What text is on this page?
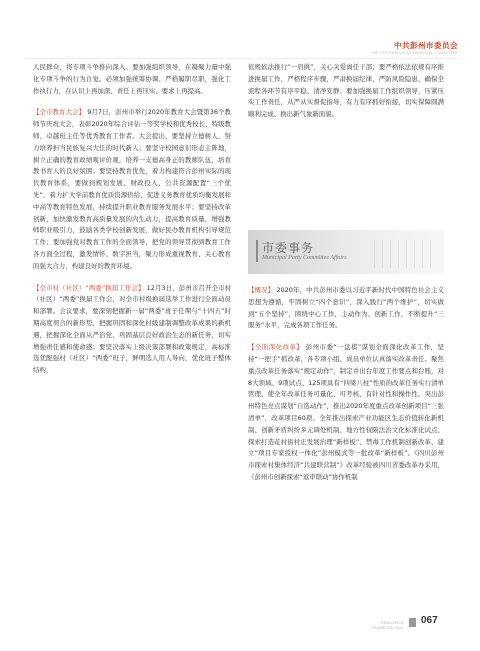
中共彭州市委员会
THE CPC PENGZHOU MUNICIPAL COMMITTEE

人民群众，将专项斗争推向深入。要加强组织领导，在凝聚力量中强化专项斗争的行为自觉。必须加强统筹协调、严格履职尽职，强化工作执行力，在认识上再加深、责任上再压实、要求上再提高。

【全市教育大会】 9月7日，彭州市举行2020年教育大会暨第36个教师节庆祝大会，表彰2020年综合评估一等奖学校和优秀校长、特级教师、卓越班主任等优秀教育工作者。大会提出，要坚持立德树人，努力培养担当民族复兴大任的时代新人；要坚守校园意识形态主阵地，树立正确的教育政绩观评价观，培养一支德高身正的教师队伍，培育教书育人的良好氛围；要坚持教育优先，着力构建符合彭州实际的现代教育体系，要做到规划发展、财政投入、公共资源配置“三个优先”，着力扩大学前教育优质资源供给，促进义务教育优质均衡发展和中高等教育特色发展，持续提升职业教育服务发展水平；要坚持改革创新，加快激发教育高质量发展的内生动力，提高教育质量，增强教师职业吸引力，鼓励各类学校创新发展，做好民办教育机构引导规范工作；要加强党对教育工作的全面领导，把党的领导贯彻到教育工作各方面全过程，激发情怀、数字担当，聚力形成重视教育、关心教育的强大合力，构建良好的教育环境。

【全市村（社区）“两委”换届工作会】 12月3日，彭州市召开全市村（社区）“两委”换届工作会，对全市村级换届选举工作进行全面动员和部署。会议要求，要深刻把握新一届“两委”班子任期与“十四五”时期高度契合的新形势，把握巩固和深化村级建制调整改革成果的新机遇，把握深化全面从严治党、巩固基层良好政治生态的新任务，切实增强责任感和使命感；要坚决落实上级决策部署和政策规定，高标准选优配强村（社区）“两委”班子，鲜明选人用人导向，优化班子整体结构，

依规依法推行“一肩挑”，关心关爱离任干部；要严格依法依规有序推进换届工作，严格程序步骤，严肃换届纪律，严防风险隐患，确保全流程各环节有序平稳、清净安静；要加强换届工作组织领导，压紧压实工作责任，从严从实督促指导，有力有序抓好衔接，切实保障圆满顺利完成、换出新气象新面貌。

市委事务
Municipal Party Committee Affairs

【概况】 2020年，中共彭州市委以习近平新时代中国特色社会主义思想为遵循，牢固树立“四个意识”，深入践行“两个维护”，切实做到“五个坚持”，围绕中心工作，主动作为、创新工作，不断提升“三服务”水平，完成各项工作任务。

【全面深化改革】 彭州市委“一盘棋”谋划全面深化改革工作，坚持“一把手”抓改革，各专项小组、成员单位认真落实改革责任。聚焦重点改革任务落实“规定动作”，制定并出台年度工作要点和台账，对8大领域、9项试点、125项具有“四梁八柱”性质的改革任务实行清单管理，使全年改革任务可量化、可考核、有针对性和操作性。突出彭州特色亮点谋划“自选动作”，推出2020年度重点改革创新项目“三张清单”，改革项目60项。全年推出探索产业功能区生态价值转化新机制、创新矛盾纠纷多元调处机制、地方性权限法治文化标准化试点、探索打造花村街村庄发展治理“新样板”、禁毒工作机制创新改革、建立“项目专家授权一体化”彭州模式等一批改革“新样板”。《四川彭州市探索村集体经济“共建联营制”》改革经验被四川省委改革办采用，《彭州市创新探索“返审联动”协作机制

PENGZHOU
YEARBOOK 2021
067
